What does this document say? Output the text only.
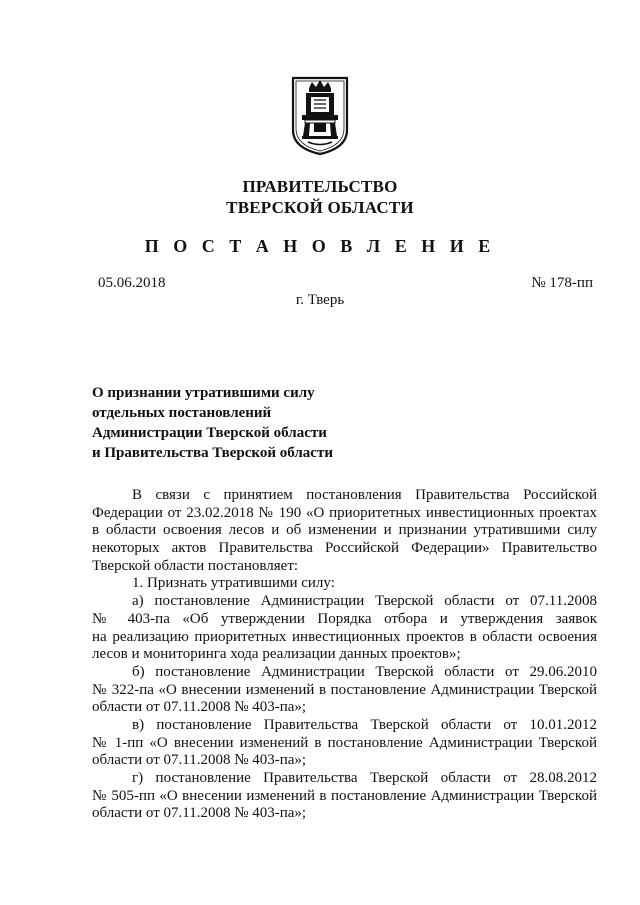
ПРАВИТЕЛЬСТВО
ТВЕРСКОЙ ОБЛАСТИ
П О С Т А Н О В Л Е Н И Е
05.06.2018	№ 178-пп
г. Тверь
О признании утратившими силу
отдельных постановлений
Администрации Тверской области
и Правительства Тверской области
В связи с принятием постановления Правительства Российской
Федерации от 23.02.2018 № 190 «О приоритетных инвестиционных проектах
в области освоения лесов и об изменении и признании утратившими силу
некоторых актов Правительства Российской Федерации» Правительство
Тверской области постановляет:
1. Признать утратившими силу:
а) постановление Администрации Тверской области от 07.11.2008
№ 403-па «Об утверждении Порядка отбора и утверждения заявок
на реализацию приоритетных инвестиционных проектов в области освоения
лесов и мониторинга хода реализации данных проектов»;
б) постановление Администрации Тверской области от 29.06.2010
№ 322-па «О внесении изменений в постановление Администрации Тверской
области от 07.11.2008 № 403-па»;
в) постановление Правительства Тверской области от 10.01.2012
№ 1-пп «О внесении изменений в постановление Администрации Тверской
области от 07.11.2008 № 403-па»;
г) постановление Правительства Тверской области от 28.08.2012
№ 505-пп «О внесении изменений в постановление Администрации Тверской
области от 07.11.2008 № 403-па»;
